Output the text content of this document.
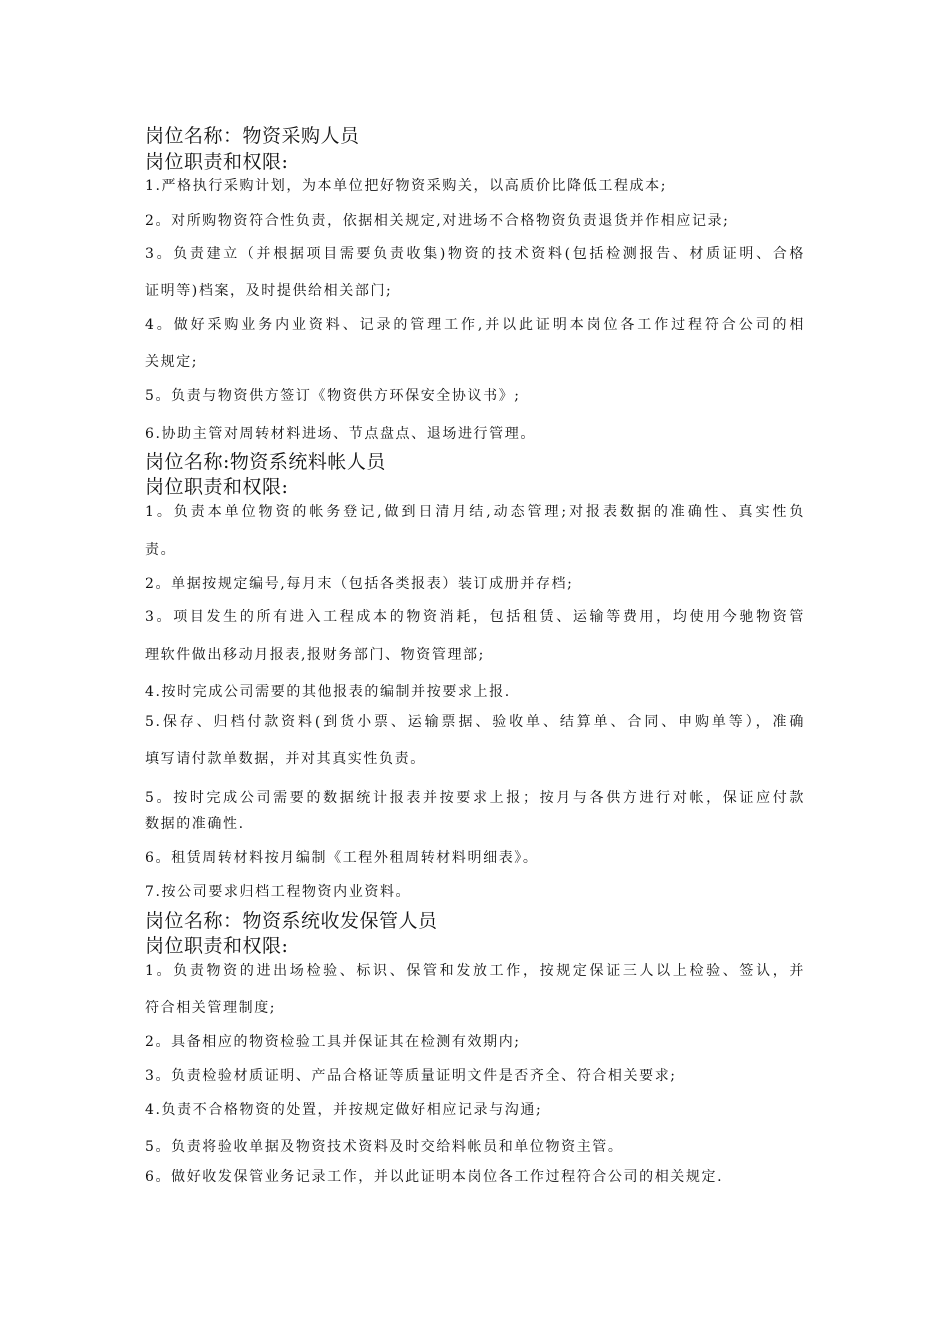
岗位名称：物资采购人员
岗位职责和权限:
1.严格执行采购计划，为本单位把好物资采购关，以高质价比降低工程成本;
2。对所购物资符合性负责，依据相关规定,对进场不合格物资负责退货并作相应记录;
3。负责建立（并根据项目需要负责收集)物资的技术资料(包括检测报告、材质证明、合格
证明等)档案，及时提供给相关部门;
4。做好采购业务内业资料、记录的管理工作,并以此证明本岗位各工作过程符合公司的相
关规定;
5。负责与物资供方签订《物资供方环保安全协议书》;
6.协助主管对周转材料进场、节点盘点、退场进行管理。
岗位名称:物资系统料帐人员
岗位职责和权限:
1。负责本单位物资的帐务登记,做到日清月结,动态管理;对报表数据的准确性、真实性负
责。
2。单据按规定编号,每月末（包括各类报表）装订成册并存档;
3。项目发生的所有进入工程成本的物资消耗，包括租赁、运输等费用，均使用今驰物资管
理软件做出移动月报表,报财务部门、物资管理部;
4.按时完成公司需要的其他报表的编制并按要求上报.
5.保存、归档付款资料(到货小票、运输票据、验收单、结算单、合同、申购单等），准确
填写请付款单数据，并对其真实性负责。
5。按时完成公司需要的数据统计报表并按要求上报；按月与各供方进行对帐，保证应付款
数据的准确性.
6。租赁周转材料按月编制《工程外租周转材料明细表》。
7.按公司要求归档工程物资内业资料。
岗位名称：物资系统收发保管人员
岗位职责和权限:
1。负责物资的进出场检验、标识、保管和发放工作，按规定保证三人以上检验、签认，并
符合相关管理制度;
2。具备相应的物资检验工具并保证其在检测有效期内;
3。负责检验材质证明、产品合格证等质量证明文件是否齐全、符合相关要求;
4.负责不合格物资的处置，并按规定做好相应记录与沟通;
5。负责将验收单据及物资技术资料及时交给料帐员和单位物资主管。
6。做好收发保管业务记录工作，并以此证明本岗位各工作过程符合公司的相关规定.
